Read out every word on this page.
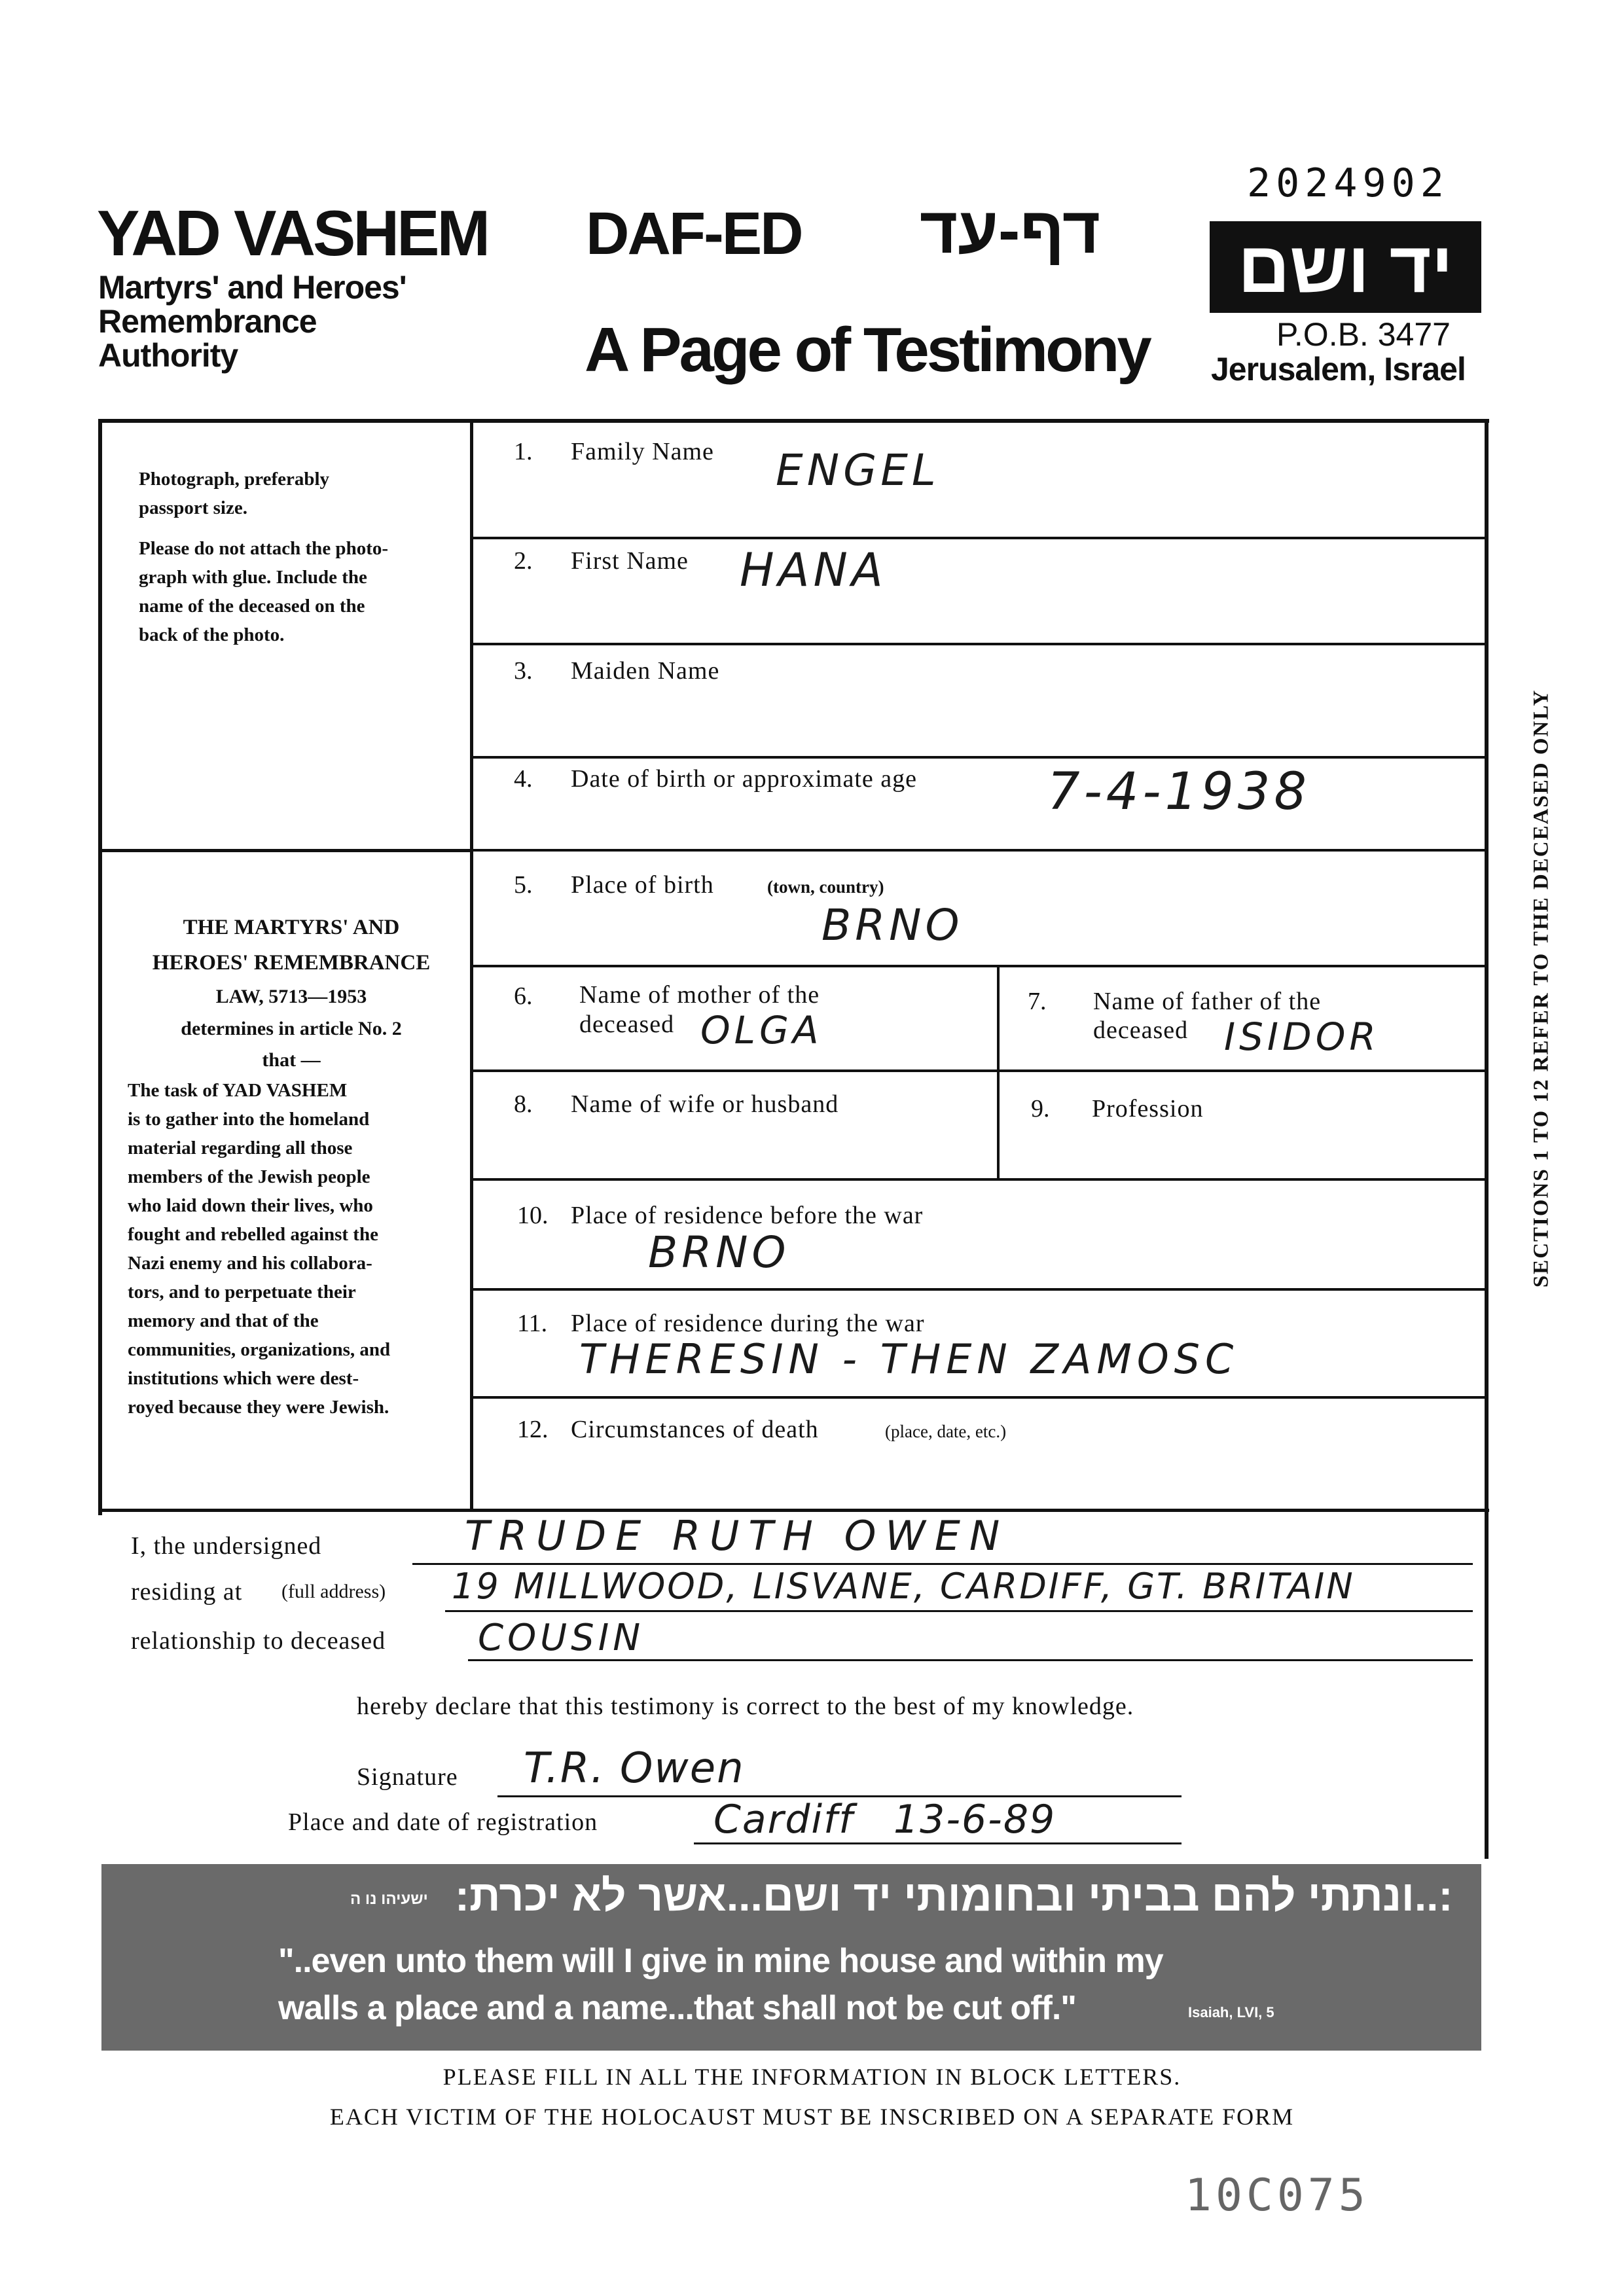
2024902
YAD VASHEM
Martyrs' and Heroes'
Remembrance
Authority
DAF-ED דף-עד
A Page of Testimony
יד ושם
P.O.B. 3477
Jerusalem, Israel
Photograph, preferably
passport size.
Please do not attach the photo-
graph with glue. Include the
name of the deceased on the
back of the photo.
THE MARTYRS' AND
HEROES' REMEMBRANCE
LAW, 5713—1953
determines in article No. 2
that —
The task of YAD VASHEM
is to gather into the homeland
material regarding all those
members of the Jewish people
who laid down their lives, who
fought and rebelled against the
Nazi enemy and his collabora-
tors, and to perpetuate their
memory and that of the
communities, organizations, and
institutions which were dest-
royed because they were Jewish.
1. Family Name ENGEL
2. First Name HANA
3. Maiden Name
4. Date of birth or approximate age	7-4-1938
5. Place of birth	(town, country)
BRNO
6. Name of mother of the
deceased OLGA
7. Name of father of the
deceased ISIDOR
8. Name of wife or husband	9. Profession
10. Place of residence before the war
BRNO
11. Place of residence during the war
THERESIN - THEN ZAMOSC
12. Circumstances of death	(place, date, etc.)
SECTIONS 1 TO 12 REFER TO THE DECEASED ONLY
I, the undersigned	TRUDE RUTH OWEN
residing at (full address) 19 MILLWOOD, LISVANE, CARDIFF, GT. BRITAIN
relationship to deceased	COUSIN
hereby declare that this testimony is correct to the best of my knowledge.
Signature T.R. Owen
Place and date of registration	Cardiff 13-6-89
ישעיהו נו ה :..ונתתי להם בביתי ובחומותי יד ושם...אשר לא יכרת:
"..even unto them will I give in mine house and within my
walls a place and a name...that shall not be cut off."	Isaiah, LVI, 5
PLEASE FILL IN ALL THE INFORMATION IN BLOCK LETTERS.
EACH VICTIM OF THE HOLOCAUST MUST BE INSCRIBED ON A SEPARATE FORM
10C075
